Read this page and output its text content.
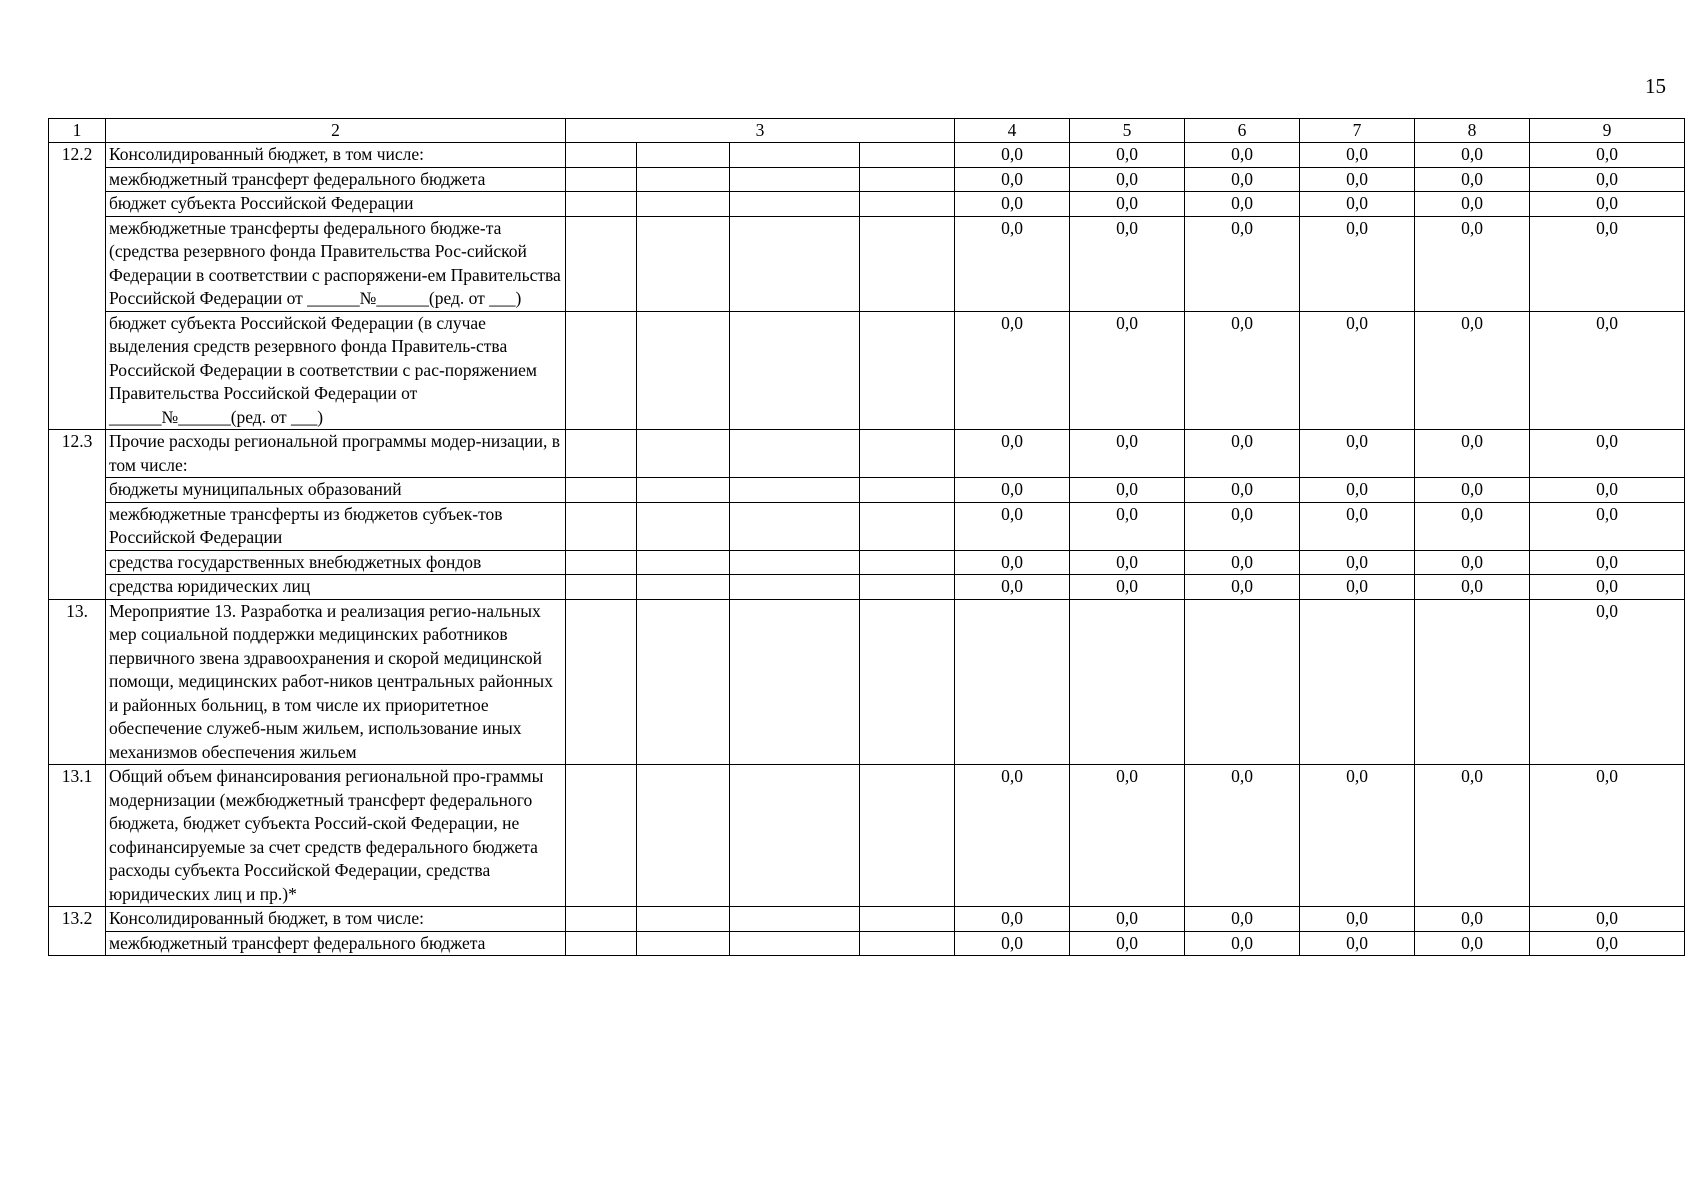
15
1	2	3				4	5	6	7	8	9
12.2	Консолидированный бюджет, в том числе:					0,0	0,0	0,0	0,0	0,0	0,0
	межбюджетный трансферт федерального бюджета					0,0	0,0	0,0	0,0	0,0	0,0
	бюджет субъекта Российской Федерации					0,0	0,0	0,0	0,0	0,0	0,0
	межбюджетные трансферты федерального бюдже-та (средства резервного фонда Правительства Рос-сийской Федерации в соответствии с распоряжени-ем Правительства Российской Федерации от ______№______(ред. от ___)					0,0	0,0	0,0	0,0	0,0	0,0
	бюджет субъекта Российской Федерации (в случае выделения средств резервного фонда Правитель-ства Российской Федерации в соответствии с рас-поряжением Правительства Российской Федерации от ______№______(ред. от ___)					0,0	0,0	0,0	0,0	0,0	0,0
12.3	Прочие расходы региональной программы модер-низации, в том числе:					0,0	0,0	0,0	0,0	0,0	0,0
	бюджеты муниципальных образований					0,0	0,0	0,0	0,0	0,0	0,0
	межбюджетные трансферты из бюджетов субъек-тов Российской Федерации					0,0	0,0	0,0	0,0	0,0	0,0
	средства государственных внебюджетных фондов					0,0	0,0	0,0	0,0	0,0	0,0
	средства юридических лиц					0,0	0,0	0,0	0,0	0,0	0,0
13.	Мероприятие 13. Разработка и реализация регио-нальных мер социальной поддержки медицинских работников первичного звена здравоохранения и скорой медицинской помощи, медицинских работ-ников центральных районных и районных больниц, в том числе их приоритетное обеспечение служеб-ным жильем, использование иных механизмов обеспечения жильем										0,0
13.1	Общий объем финансирования региональной про-граммы модернизации (межбюджетный трансферт федерального бюджета, бюджет субъекта Россий-ской Федерации, не софинансируемые за счет средств федерального бюджета расходы субъекта Российской Федерации, средства юридических лиц и пр.)*					0,0	0,0	0,0	0,0	0,0	0,0
13.2	Консолидированный бюджет, в том числе:					0,0	0,0	0,0	0,0	0,0	0,0
	межбюджетный трансферт федерального бюджета					0,0	0,0	0,0	0,0	0,0	0,0
